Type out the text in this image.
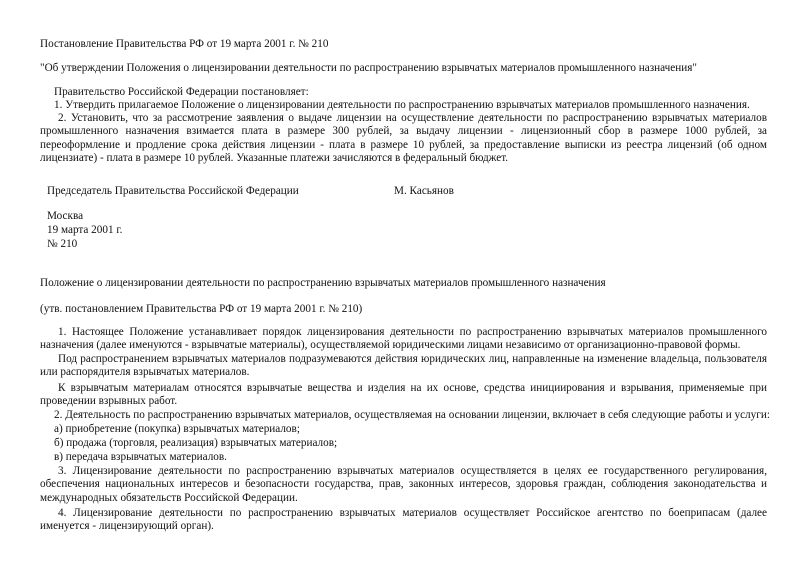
Постановление Правительства РФ от 19 марта 2001 г. № 210
"Об утверждении Положения о лицензировании деятельности по распространению взрывчатых материалов промышленного назначения"
Правительство Российской Федерации постановляет:
1. Утвердить прилагаемое Положение о лицензировании деятельности по распространению взрывчатых материалов промышленного назначения.
2. Установить, что за рассмотрение заявления о выдаче лицензии на осуществление деятельности по распространению взрывчатых материалов промышленного назначения взимается плата в размере 300 рублей, за выдачу лицензии - лицензионный сбор в размере 1000 рублей, за переоформление и продление срока действия лицензии - плата в размере 10 рублей, за предоставление выписки из реестра лицензий (об одном лицензиате) - плата в размере 10 рублей. Указанные платежи зачисляются в федеральный бюджет.
Председатель Правительства Российской Федерации	М. Касьянов
Москва
19 марта 2001 г.
№ 210
Положение о лицензировании деятельности по распространению взрывчатых материалов промышленного назначения
(утв. постановлением Правительства РФ от 19 марта 2001 г. № 210)
1. Настоящее Положение устанавливает порядок лицензирования деятельности по распространению взрывчатых материалов промышленного назначения (далее именуются - взрывчатые материалы), осуществляемой юридическими лицами независимо от организационно-правовой формы.
Под распространением взрывчатых материалов подразумеваются действия юридических лиц, направленные на изменение владельца, пользователя или распорядителя взрывчатых материалов.
К взрывчатым материалам относятся взрывчатые вещества и изделия на их основе, средства инициирования и взрывания, применяемые при проведении взрывных работ.
2. Деятельность по распространению взрывчатых материалов, осуществляемая на основании лицензии, включает в себя следующие работы и услуги:
а) приобретение (покупка) взрывчатых материалов;
б) продажа (торговля, реализация) взрывчатых материалов;
в) передача взрывчатых материалов.
3. Лицензирование деятельности по распространению взрывчатых материалов осуществляется в целях ее государственного регулирования, обеспечения национальных интересов и безопасности государства, прав, законных интересов, здоровья граждан, соблюдения законодательства и международных обязательств Российской Федерации.
4. Лицензирование деятельности по распространению взрывчатых материалов осуществляет Российское агентство по боеприпасам (далее именуется - лицензирующий орган).
